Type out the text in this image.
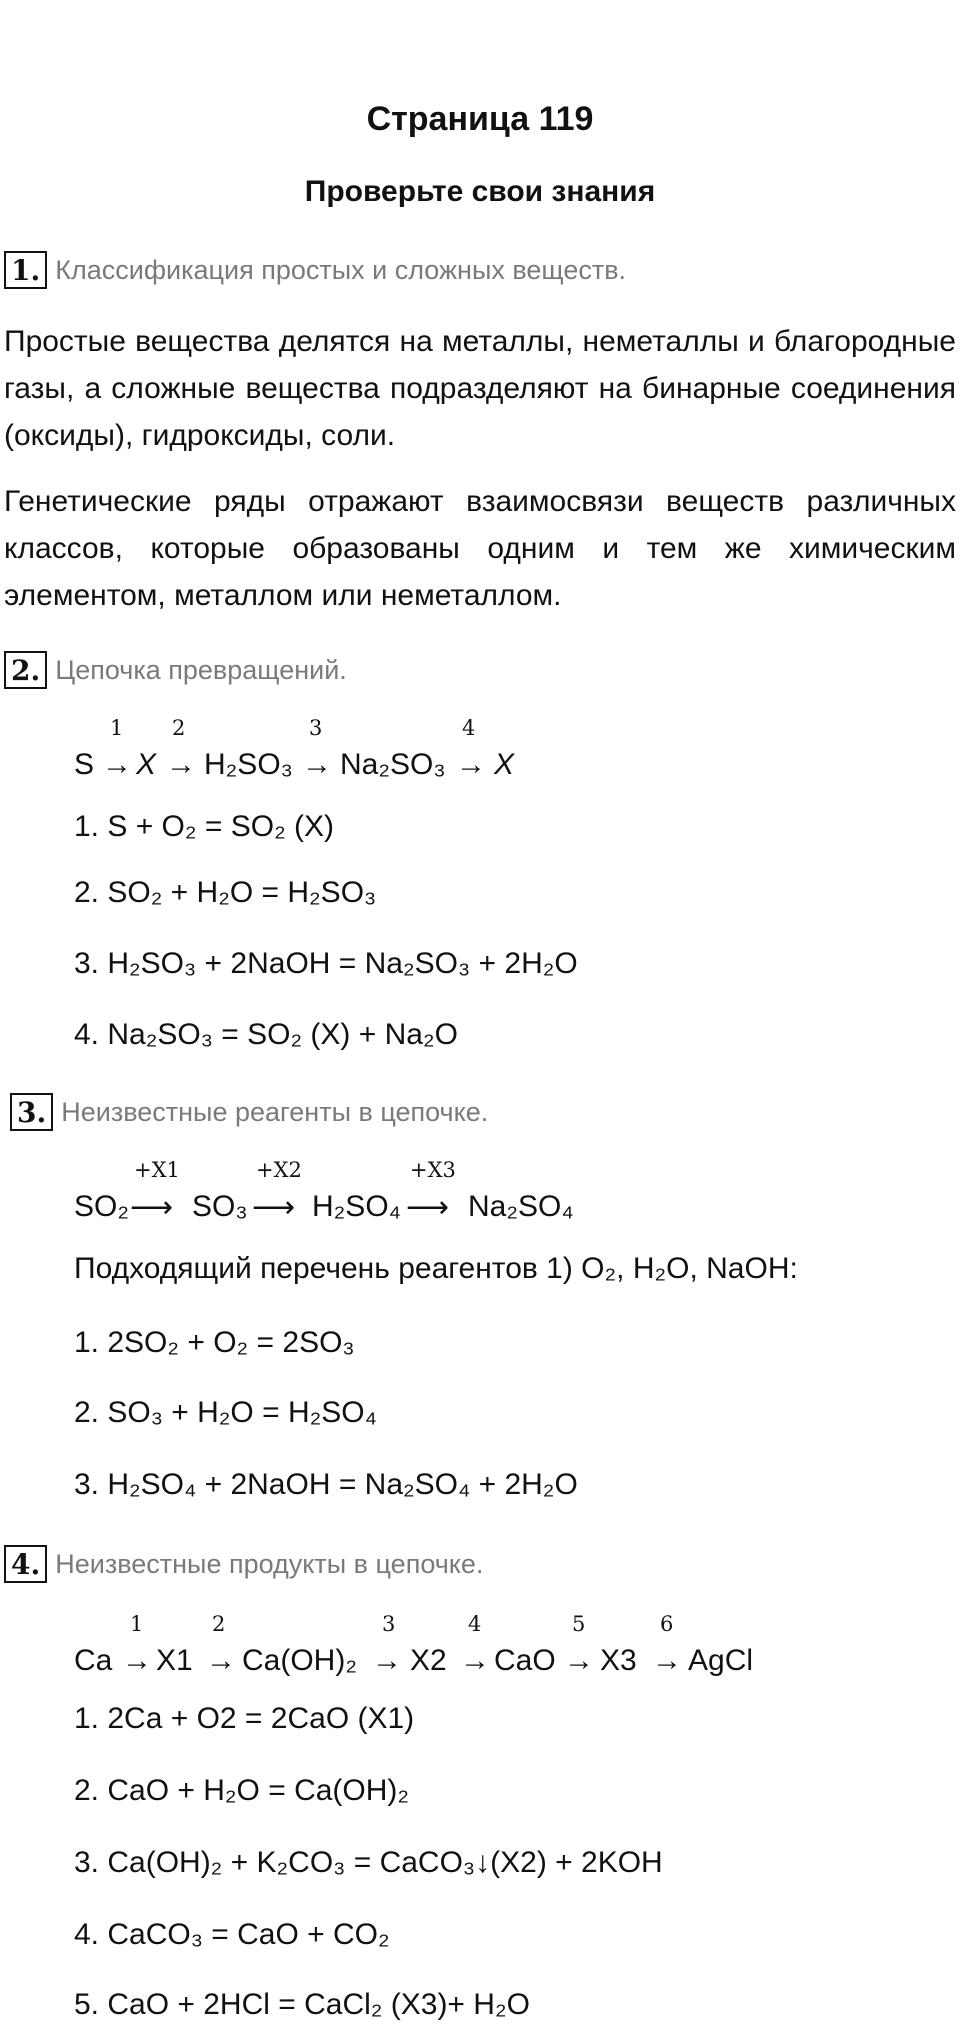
Страница 119
Проверьте свои знания
1. Классификация простых и сложных веществ.
Простые вещества делятся на металлы, неметаллы и благородные газы, а сложные вещества подразделяют на бинарные соединения (оксиды), гидроксиды, соли.
Генетические ряды отражают взаимосвязи веществ различных классов, которые образованы одним и тем же химическим элементом, металлом или неметаллом.
2. Цепочка превращений.
S
1
→ X
2
→ H₂SO₃
3
→ Na₂SO₃
4
→ X
1. S + O₂ = SO₂ (X)
2. SO₂ + H₂O = H₂SO₃
3. H₂SO₃ + 2NaOH = Na₂SO₃ + 2H₂O
4. Na₂SO₃ = SO₂ (X) + Na₂O
3. Неизвестные реагенты в цепочке.
SO₂
+X1
⟶ SO₃
+X2
⟶ H₂SO₄
+X3
⟶ Na₂SO₄
Подходящий перечень реагентов 1) O₂, H₂O, NaOH:
1. 2SO₂ + O₂ = 2SO₃
2. SO₃ + H₂O = H₂SO₄
3. H₂SO₄ + 2NaOH = Na₂SO₄ + 2H₂O
4. Неизвестные продукты в цепочке.
Ca
1
→ X1
2
→ Ca(OH)₂
3
→ X2
4
→ CaO
5
→ X3
6
→ AgCl
1. 2Ca + O2 = 2CaO (X1)
2. CaO + H₂O = Ca(OH)₂
3. Ca(OH)₂ + K₂CO₃ = CaCO₃↓(X2) + 2KOH
4. CaCO₃ = CaO + CO₂
5. CaO + 2HCl = CaCl₂ (X3)+ H₂O
